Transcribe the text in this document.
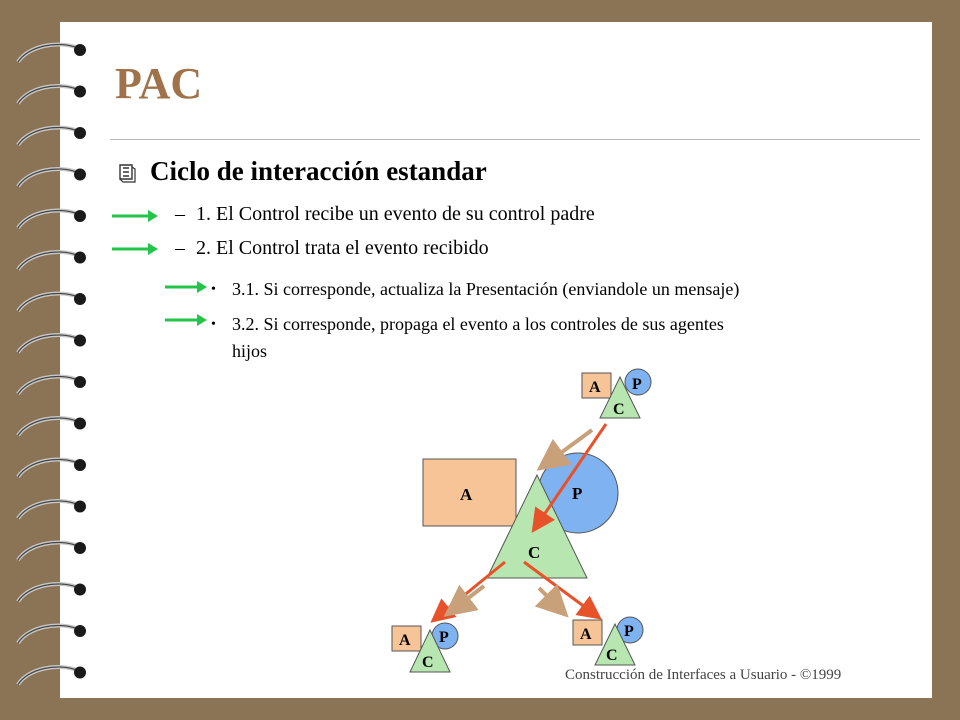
PAC
Ciclo de interacción estandar
– 1. El Control recibe un evento de su control padre
– 2. El Control trata el evento recibido
• 3.1. Si corresponde, actualiza la Presentación (enviandole un mensaje)
• 3.2. Si corresponde, propaga el evento a los controles de sus agentes
hijos
A	P
C
A P
C
A P
C
A P
C
Construcción de Interfaces a Usuario - ©1999
